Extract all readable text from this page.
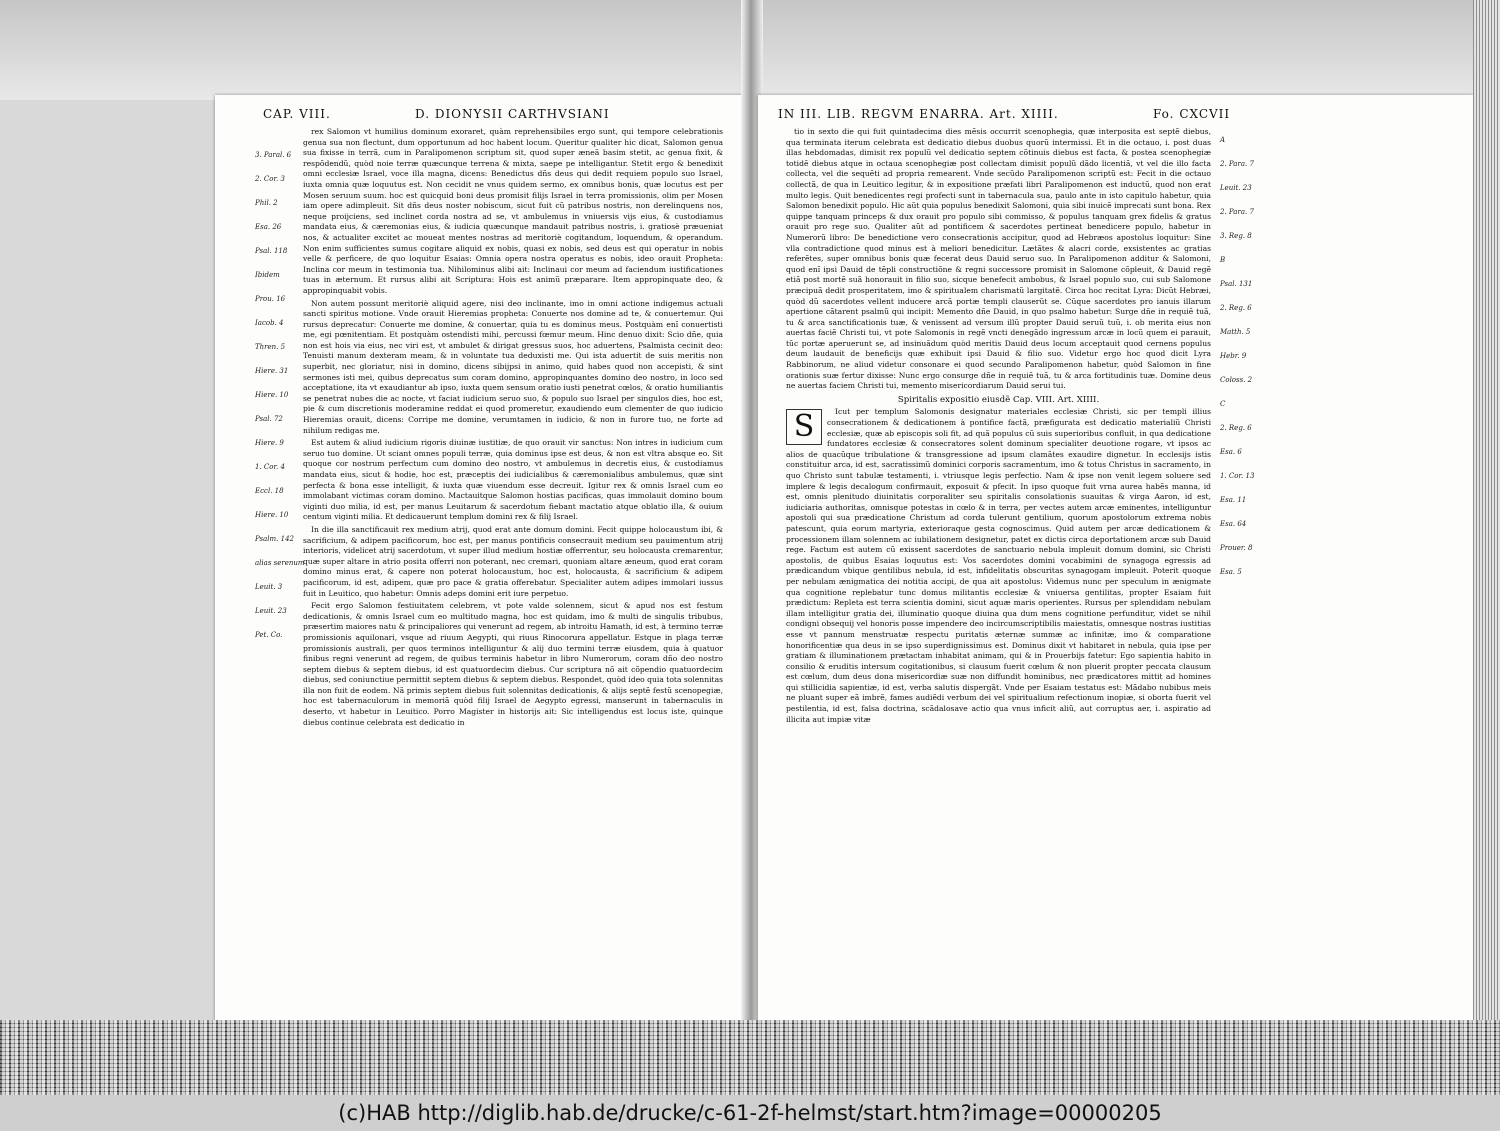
CAP. VIII.	D. DIONYSII CARTHVSIANI
3. Paral. 6
2. Cor. 3
Phil. 2
Esa. 26
Psal. 118
Ibidem
Prou. 16
Iacob. 4
Thren. 5
Hiere. 31
Hiere. 10
Psal. 72
Hiere. 9
1. Cor. 4
Eccl. 18
Hiere. 10
Psalm. 142
alias serenum
Leuit. 3
Leuit. 23
Pet. Co.

rex Salomon vt humilius dominum exoraret, quàm reprehensibiles ergo sunt, qui tempore celebrationis genua sua non flectunt, dum opportunum ad hoc habent locum. Queritur qualiter hic dicat, Salomon genua sua fixisse in terrã, cum in Paralipomenon scriptum sit, quod super æneã basim stetit, ac genua fixit, & respõdendũ, quòd noie terræ quæcunque terrena & mixta, saepe pe intelligantur. Stetit ergo & benedixit omni ecclesiæ Israel, voce illa magna, dicens: Benedictus dñs deus qui dedit requiem populo suo Israel, iuxta omnia quæ loquutus est. Non cecidit ne vnus quidem sermo, ex omnibus bonis, quæ locutus est per Mosen seruum suum. hoc est quicquid boni deus promisit filijs Israel in terra promissionis, olim per Mosen iam opere adimpleuit. Sit dñs deus noster nobiscum, sicut fuit cũ patribus nostris, non derelinquens nos, neque proijciens, sed inclinet corda nostra ad se, vt ambulemus in vniuersis vijs eius, & custodiamus mandata eius, & cæremonias eius, & iudicia quæcunque mandauit patribus nostris, i. gratiosè præueniat nos, & actualiter excitet ac moueat mentes nostras ad meritoriè cogitandum, loquendum, & operandum. Non enim sufficientes sumus cogitare aliquid ex nobis, quasi ex nobis, sed deus est qui operatur in nobis velle & perficere, de quo loquitur Esaias: Omnia opera nostra operatus es nobis, ideo orauit Propheta: Inclina cor meum in testimonia tua. Nihilominus alibi ait: Inclinaui cor meum ad faciendum iustificationes tuas in æternum. Et rursus alibi ait Scriptura: Hois est animũ præparare. Item appropinquate deo, & appropinquabit vobis.

Non autem possunt meritoriè aliquid agere, nisi deo inclinante, imo in omni actione indigemus actuali sancti spiritus motione. Vnde orauit Hieremias propheta: Conuerte nos domine ad te, & conuertemur. Qui rursus deprecatur: Conuerte me domine, & conuertar, quia tu es dominus meus. Postquàm enĩ conuertisti me, egi pœnitentiam. Et postquàm ostendisti mihi, percussi fœmur meum. Hinc denuo dixit: Scio dñe, quia non est hois via eius, nec viri est, vt ambulet & dirigat gressus suos, hoc aduertens, Psalmista cecinit deo: Tenuisti manum dexteram meam, & in voluntate tua deduxisti me. Qui ista aduertit de suis meritis non superbit, nec gloriatur, nisi in domino, dicens sibijpsi in animo, quid habes quod non accepisti, & sint sermones isti mei, quibus deprecatus sum coram domino, appropinquantes domino deo nostro, in loco sed acceptatione, ita vt exaudiantur ab ipso, iuxta quem sensum oratio iusti penetrat cœlos, & oratio humiliantis se penetrat nubes die ac nocte, vt faciat iudicium seruo suo, & populo suo Israel per singulos dies, hoc est, pie & cum discretionis moderamine reddat ei quod promeretur, exaudiendo eum clementer de quo iudicio Hieremias orauit, dicens: Corripe me domine, verumtamen in iudicio, & non in furore tuo, ne forte ad nihilum redigas me.

Est autem & aliud iudicium rigoris diuinæ iustitiæ, de quo orauit vir sanctus: Non intres in iudicium cum seruo tuo domine. Ut sciant omnes populi terræ, quia dominus ipse est deus, & non est vltra absque eo. Sit quoque cor nostrum perfectum cum domino deo nostro, vt ambulemus in decretis eius, & custodiamus mandata eius, sicut & hodie, hoc est, præceptis dei iudicialibus & cæremonialibus ambulemus, quæ sint perfecta & bona esse intelligit, & iuxta quæ viuendum esse decreuit. Igitur rex & omnis Israel cum eo immolabant victimas coram domino. Mactauitque Salomon hostias pacificas, quas immolauit domino boum viginti duo milia, id est, per manus Leuitarum & sacerdotum fiebant mactatio atque oblatio illa, & ouium centum viginti milia. Et dedicauerunt templum domini rex & filij Israel.

In die illa sanctificauit rex medium atrij, quod erat ante domum domini. Fecit quippe holocaustum ibi, & sacrificium, & adipem pacificorum, hoc est, per manus pontificis consecrauit medium seu pauimentum atrij interioris, videlicet atrij sacerdotum, vt super illud medium hostiæ offerrentur, seu holocausta cremarentur, quæ super altare in atrio posita offerri non poterant, nec cremari, quoniam altare æneum, quod erat coram domino minus erat, & capere non poterat holocaustum, hoc est, holocausta, & sacrificium & adipem pacificorum, id est, adipem, quæ pro pace & gratia offerebatur. Specialiter autem adipes immolari iussus fuit in Leuitico, quo habetur: Omnis adeps domini erit iure perpetuo.

Fecit ergo Salomon festiuitatem celebrem, vt pote valde solennem, sicut & apud nos est festum dedicationis, & omnis Israel cum eo multitudo magna, hoc est quidam, imo & multi de singulis tribubus, præsertim maiores natu & principaliores qui venerunt ad regem, ab introitu Hamath, id est, à termino terræ promissionis aquilonari, vsque ad riuum Aegypti, qui riuus Rinocorura appellatur. Estque in plaga terræ promissionis australi, per quos terminos intelliguntur & alij duo termini terræ eiusdem, quia à quatuor finibus regni venerunt ad regem, de quibus terminis habetur in libro Numerorum, coram dño deo nostro septem diebus & septem diebus, id est quatuordecim diebus. Cur scriptura nõ ait cõpendio quatuordecim diebus, sed coniunctiue permittit septem diebus & septem diebus. Respondet, quòd ideo quia tota solennitas illa non fuit de eodem. Nã primis septem diebus fuit solennitas dedicationis, & alijs septẽ festũ scenopegiæ, hoc est tabernaculorum in memoriã quòd filij Israel de Aegypto egressi, manserunt in tabernaculis in deserto, vt habetur in Leuitico. Porro Magister in historijs ait: Sic intelligendus est locus iste, quinque diebus continue celebrata est dedicatio in

IN III. LIB. REGVM ENARRA. Art. XIIII.	Fo. CXCVII

tio in sexto die qui fuit quintadecima dies mẽsis occurrit scenophegia, quæ interposita est septẽ diebus, qua terminata iterum celebrata est dedicatio diebus duobus quorũ intermissi. Et in die octauo, i. post duas illas hebdomadas, dimisit rex populũ vel dedicatio septem cõtinuis diebus est facta, & postea scenophegiæ totidẽ diebus atque in octaua scenophegiæ post collectam dimisit populũ dãdo licentiã, vt vel die illo facta collecta, vel die sequẽti ad propria remearent. Vnde secũdo Paralipomenon scriptũ est: Fecit in die octauo collectã, de qua in Leuitico legitur, & in expositione præfati libri Paralipomenon est inductũ, quod non erat multo legis. Quit benedicentes regi profecti sunt in tabernacula sua, paulo ante in isto capitulo habetur, quia Salomon benedixit populo. Hic aũt quia populus benedixit Salomoni, quia sibi inuicẽ imprecati sunt bona. Rex quippe tanquam princeps & dux orauit pro populo sibi commisso, & populus tanquam grex fidelis & gratus orauit pro rege suo. Qualiter aũt ad pontificem & sacerdotes pertineat benedicere populo, habetur in Numerorũ libro: De benedictione vero consecrationis accipitur, quod ad Hebræos apostolus loquitur: Sine vlla contradictione quod minus est à meliori benedicitur. Lætãtes & alacri corde, exsistentes ac gratias referẽtes, super omnibus bonis quæ fecerat deus Dauid seruo suo. In Paralipomenon additur & Salomoni, quod enĩ ipsi Dauid de tẽpli constructiõne & regni successore promisit in Salomone cõpleuit, & Dauid regẽ etiã post mortẽ suã honorauit in filio suo, sicque benefecit ambobus, & Israel populo suo, cui sub Salomone præcipuã dedit prosperitatem, imo & spiritualem charismatũ largitatẽ. Circa hoc recitat Lyra: Dicũt Hebræi, quòd dũ sacerdotes vellent inducere arcã portæ templi clauserũt se. Cũque sacerdotes pro ianuis illarum apertione cãtarent psalmũ qui incipit: Memento dñe Dauid, in quo psalmo habetur: Surge dñe in requiẽ tuã, tu & arca sanctificationis tuæ, & venissent ad versum illũ propter Dauid seruũ tuũ, i. ob merita eius non auertas faciẽ Christi tui, vt pote Salomonis in regẽ vncti denegãdo ingressum arcæ in locũ quem ei parauit, tũc portæ aperuerunt se, ad insinuãdum quòd meritis Dauid deus locum acceptauit quod cernens populus deum laudauit de beneficijs quæ exhibuit ipsi Dauid & filio suo. Videtur ergo hoc quod dicit Lyra Rabbinorum, ne aliud videtur consonare ei quod secundo Paralipomenon habetur, quòd Salomon in fine orationis suæ fertur dixisse: Nunc ergo consurge dñe in requiẽ tuã, tu & arca fortitudinis tuæ. Domine deus ne auertas faciem Christi tui, memento misericordiarum Dauid serui tui.

Spiritalis expositio eiusdẽ Cap. VIII. Art. XIIII.
S	Icut per templum Salomonis designatur materiales ecclesiæ Christi, sic per templi illius consecrationem & dedicationem à pontifice factã, præfigurata est dedicatio materialiũ Christi ecclesiæ, quæ ab episcopis soli fit, ad quã populus cũ suis superioribus confluit, in qua dedicatione fundatores ecclesiæ & consecratores solent dominum specialiter deuotione rogare, vt ipsos ac alios de quacũque tribulatione & transgressione ad ipsum clamãtes exaudire dignetur. In ecclesijs istis constituitur arca, id est, sacratissimũ dominici corporis sacramentum, imo & totus Christus in sacramento, in quo Christo sunt tabulæ testamenti, i. vtriusque legis perfectio. Nam & ipse non venit legem soluere sed implere & legis decalogum confirmauit, exposuit & pfecit. In ipso quoque fuit vrna aurea habẽs manna, id est, omnis plenitudo diuinitatis corporaliter seu spiritalis consolationis suauitas & virga Aaron, id est, iudiciaria authoritas, omnisque potestas in cœlo & in terra, per vectes autem arcæ eminentes, intelliguntur apostoli qui sua prædicatione Christum ad corda tulerunt gentilium, quorum apostolorum extrema nobis patescunt, quia eorum martyria, exterioraque gesta cognoscimus. Quid autem per arcæ dedicationem & processionem illam solennem ac iubilationem designetur, patet ex dictis circa deportationem arcæ sub Dauid rege. Factum est autem cũ exissent sacerdotes de sanctuario nebula impleuit domum domini, sic Christi apostolis, de quibus Esaias loquutus est: Vos sacerdotes domini vocabimini de synagoga egressis ad prædicandum vbique gentilibus nebula, id est, infidelitatis obscuritas synagogam impleuit. Poterit quoque per nebulam ænigmatica dei notitia accipi, de qua ait apostolus: Videmus nunc per speculum in ænigmate qua cognitione replebatur tunc domus militantis ecclesiæ & vniuersa gentilitas, propter Esaiam fuit prædictum: Repleta est terra scientia domini, sicut aquæ maris operientes. Rursus per splendidam nebulam illam intelligitur gratia dei, illuminatio quoque diuina qua dum mens cognitione perfunditur, videt se nihil condigni obsequij vel honoris posse impendere deo incircumscriptibilis maiestatis, omnesque nostras iustitias esse vt pannum menstruatæ respectu puritatis æternæ summæ ac infinitæ, imo & comparatione honorificentiæ qua deus in se ipso superdignissimus est. Dominus dixit vt habitaret in nebula, quia ipse per gratiam & illuminationem prætactam inhabitat animam, qui & in Prouerbijs fatetur: Ego sapientia habito in consilio & eruditis intersum cogitationibus, si clausum fuerit cœlum & non pluerit propter peccata clausum est cœlum, dum deus dona misericordiæ suæ non diffundit hominibus, nec prædicatores mittit ad homines qui stillicidia sapientiæ, id est, verba salutis dispergãt. Vnde per Esaiam testatus est: Mãdabo nubibus meis ne pluant super eã imbrẽ, fames audiẽdi verbum dei vel spiritualium refectionum inopiæ, si oborta fuerit vel pestilentia, id est, falsa doctrina, scãdalosave actio qua vnus inficit aliũ, aut corruptus aer, i. aspiratio ad illicita aut impiæ vitæ

A
2. Para. 7
Leuit. 23
2. Para. 7
3. Reg. 8
B
Psal. 131
2. Reg. 6
Matth. 5
Hebr. 9
Coloss. 2
C
2. Reg. 6
Esa. 6
1. Cor. 13
Esa. 11
Esa. 64
Prouer. 8
Esa. 5
(c)HAB http://diglib.hab.de/drucke/c-61-2f-helmst/start.htm?image=00000205
